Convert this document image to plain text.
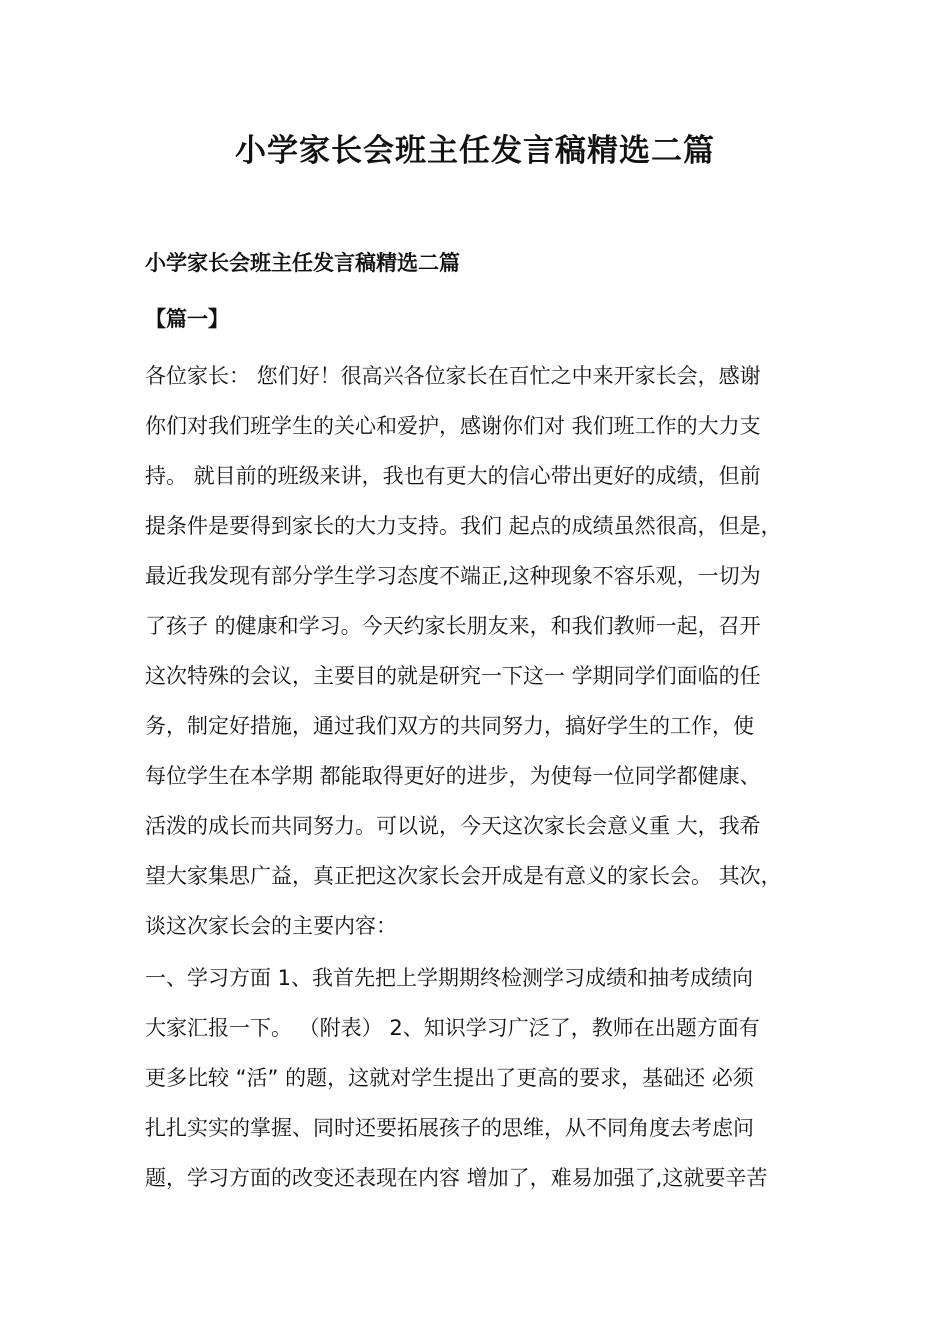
小学家长会班主任发言稿精选二篇
小学家长会班主任发言稿精选二篇
【篇一】

各位家长： 您们好！很高兴各位家长在百忙之中来开家长会，感谢
你们对我们班学生的关心和爱护，感谢你们对 我们班工作的大力支
持。 就目前的班级来讲，我也有更大的信心带出更好的成绩，但前
提条件是要得到家长的大力支持。我们 起点的成绩虽然很高，但是，
最近我发现有部分学生学习态度不端正,这种现象不容乐观，一切为
了孩子 的健康和学习。今天约家长朋友来，和我们教师一起，召开
这次特殊的会议，主要目的就是研究一下这一 学期同学们面临的任
务，制定好措施，通过我们双方的共同努力，搞好学生的工作，使
每位学生在本学期 都能取得更好的进步，为使每一位同学都健康、
活泼的成长而共同努力。可以说，今天这次家长会意义重 大，我希
望大家集思广益，真正把这次家长会开成是有意义的家长会。 其次，
谈这次家长会的主要内容：

一、学习方面 1、我首先把上学期期终检测学习成绩和抽考成绩向
大家汇报一下。 （附表） 2、知识学习广泛了，教师在出题方面有
更多比较 “活” 的题，这就对学生提出了更高的要求，基础还 必须
扎扎实实的掌握、同时还要拓展孩子的思维，从不同角度去考虑问
题，学习方面的改变还表现在内容 增加了，难易加强了,这就要辛苦
